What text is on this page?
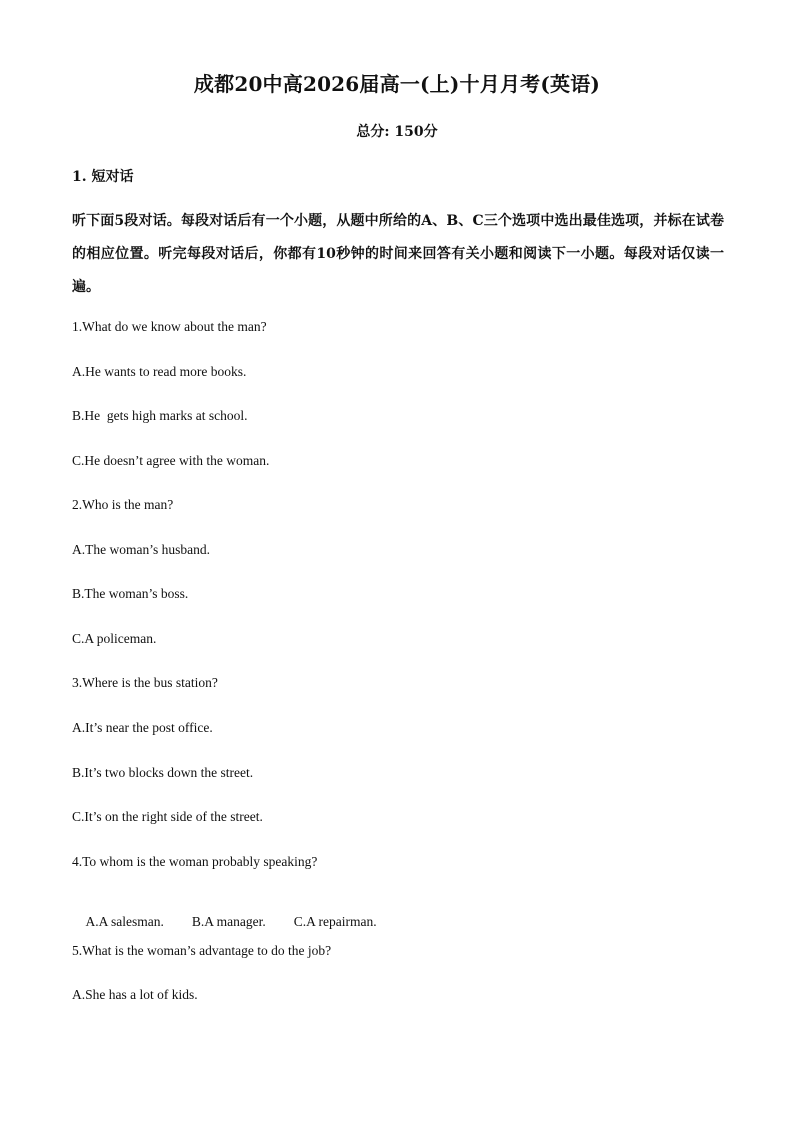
成都20中高2026届高一(上)十月月考(英语)
总分: 150分
1. 短对话
听下面5段对话。每段对话后有一个小题，从题中所给的A、B、C三个选项中选出最佳选项，并标在试卷的相应位置。听完每段对话后，你都有10秒钟的时间来回答有关小题和阅读下一小题。每段对话仅读一遍。
1.What do we know about the man?
A.He wants to read more books.
B.He  gets high marks at school.
C.He doesn’t agree with the woman.
2.Who is the man?
A.The woman’s husband.
B.The woman’s boss.
C.A policeman.
3.Where is the bus station?
A.It’s near the post office.
B.It’s two blocks down the street.
C.It’s on the right side of the street.
4.To whom is the woman probably speaking?

A.A salesman. B.A manager. C.A repairman.

5.What is the woman’s advantage to do the job?
A.She has a lot of kids.
